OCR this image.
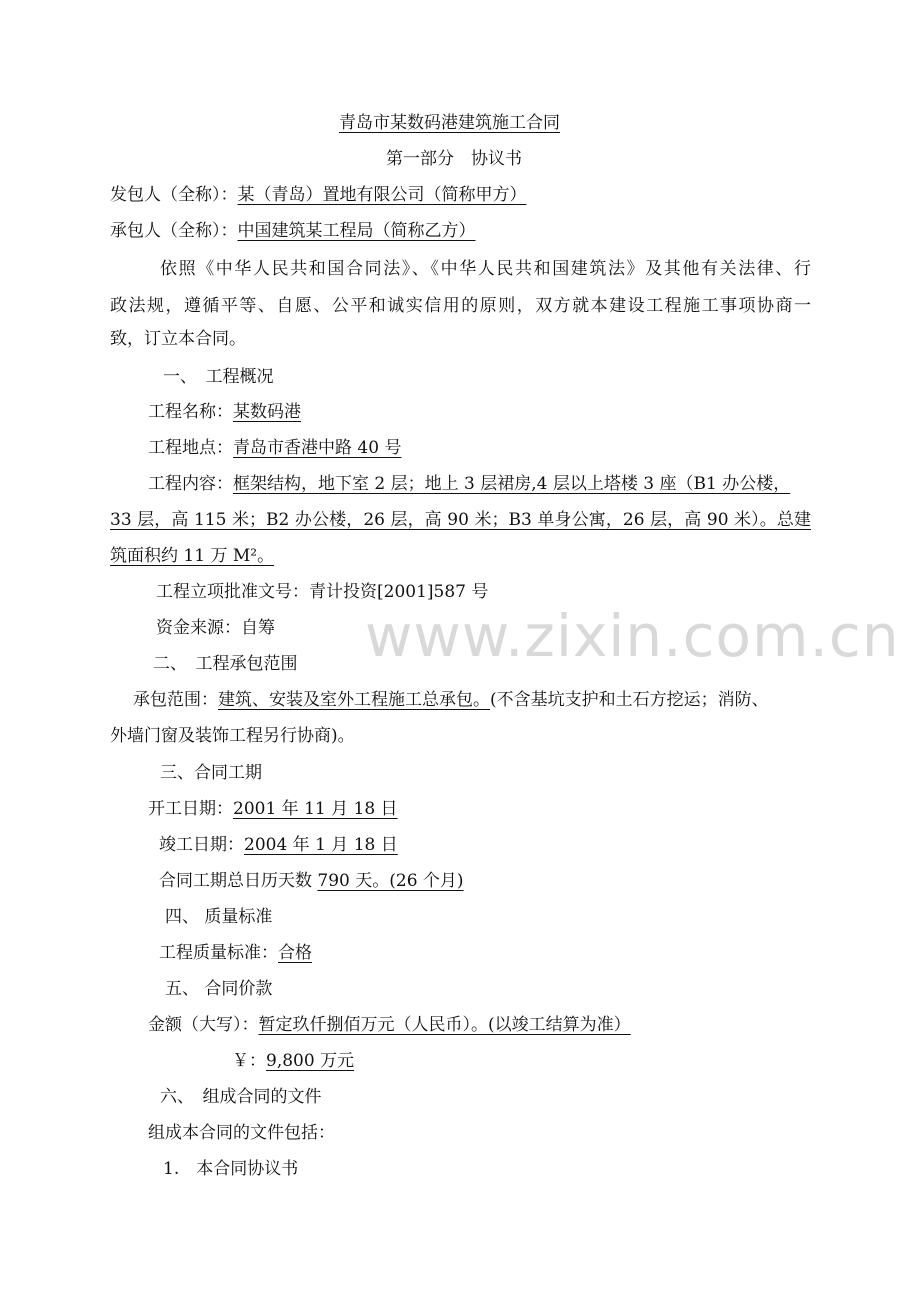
www.zixin.com.cn
青岛市某数码港建筑施工合同
第一部分　协议书
发包人（全称）：某（青岛）置地有限公司（简称甲方）
承包人（全称）：中国建筑某工程局（简称乙方）
依照《中华人民共和国合同法》、《中华人民共和国建筑法》及其他有关法律、行
政法规，遵循平等、自愿、公平和诚实信用的原则，双方就本建设工程施工事项协商一
致，订立本合同。
一、　工程概况
工程名称：某数码港
工程地点：青岛市香港中路 40 号
工程内容：框架结构，地下室 2 层；地上 3 层裙房,4 层以上塔楼 3 座（B1 办公楼，
33 层，高 115 米；B2 办公楼，26 层，高 90 米；B3 单身公寓，26 层，高 90 米）。总建
筑面积约 11 万 M²。
工程立项批准文号：青计投资[2001]587 号
资金来源：自筹
二、　工程承包范围
承包范围：建筑、安装及室外工程施工总承包。(不含基坑支护和土石方挖运；消防、
外墙门窗及装饰工程另行协商)。
三、合同工期
开工日期：2001 年 11 月 18 日
竣工日期：2004 年 1 月 18 日
合同工期总日历天数 790 天。(26 个月)
四、 质量标准
工程质量标准：合格
五、 合同价款
金额（大写）：暂定玖仟捌佰万元（人民币）。(以竣工结算为准）
￥：9,800 万元
六、　组成合同的文件
组成本合同的文件包括：
1.　本合同协议书
